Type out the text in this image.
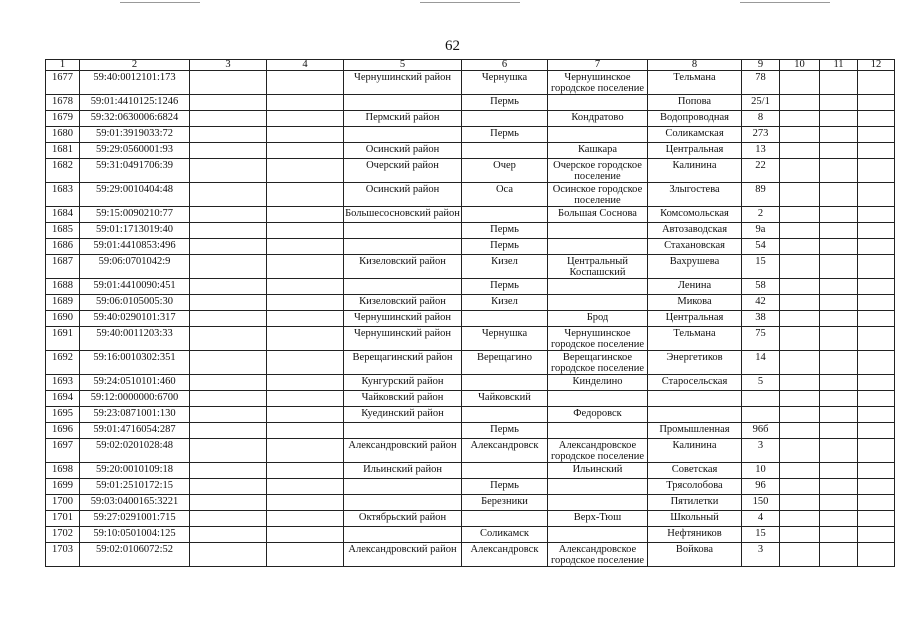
62
1	2	3	4	5	6	7	8	9	10	11	12
1677	59:40:0012101:173			Чернушинский район	Чернушка	Чернушинское городское поселение	Тельмана	78			
1678	59:01:4410125:1246				Пермь		Попова	25/1			
1679	59:32:0630006:6824			Пермский район		Кондратово	Водопроводная	8			
1680	59:01:3919033:72				Пермь		Соликамская	273			
1681	59:29:0560001:93			Осинский район		Кашкара	Центральная	13			
1682	59:31:0491706:39			Очерский район	Очер	Очерское городское поселение	Калинина	22			
1683	59:29:0010404:48			Осинский район	Оса	Осинское городское поселение	Злыгостева	89			
1684	59:15:0090210:77			Большесосновский район		Большая Соснова	Комсомольская	2			
1685	59:01:1713019:40				Пермь		Автозаводская	9а			
1686	59:01:4410853:496				Пермь		Стахановская	54			
1687	59:06:0701042:9			Кизеловский район	Кизел	Центральный Коспашский	Вахрушева	15			
1688	59:01:4410090:451				Пермь		Ленина	58			
1689	59:06:0105005:30			Кизеловский район	Кизел		Микова	42			
1690	59:40:0290101:317			Чернушинский район		Брод	Центральная	38			
1691	59:40:0011203:33			Чернушинский район	Чернушка	Чернушинское городское поселение	Тельмана	75			
1692	59:16:0010302:351			Верещагинский район	Верещагино	Верещагинское городское поселение	Энергетиков	14			
1693	59:24:0510101:460			Кунгурский район		Кинделино	Старосельская	5			
1694	59:12:0000000:6700			Чайковский район	Чайковский						
1695	59:23:0871001:130			Куединский район		Федоровск					
1696	59:01:4716054:287				Пермь		Промышленная	96б			
1697	59:02:0201028:48			Александровский район	Александровск	Александровское городское поселение	Калинина	3			
1698	59:20:0010109:18			Ильинский район		Ильинский	Советская	10			
1699	59:01:2510172:15				Пермь		Трясолобова	96			
1700	59:03:0400165:3221				Березники		Пятилетки	150			
1701	59:27:0291001:715			Октябрьский район		Верх-Тюш	Школьный	4			
1702	59:10:0501004:125				Соликамск		Нефтяников	15			
1703	59:02:0106072:52			Александровский район	Александровск	Александровское городское поселение	Войкова	3			
